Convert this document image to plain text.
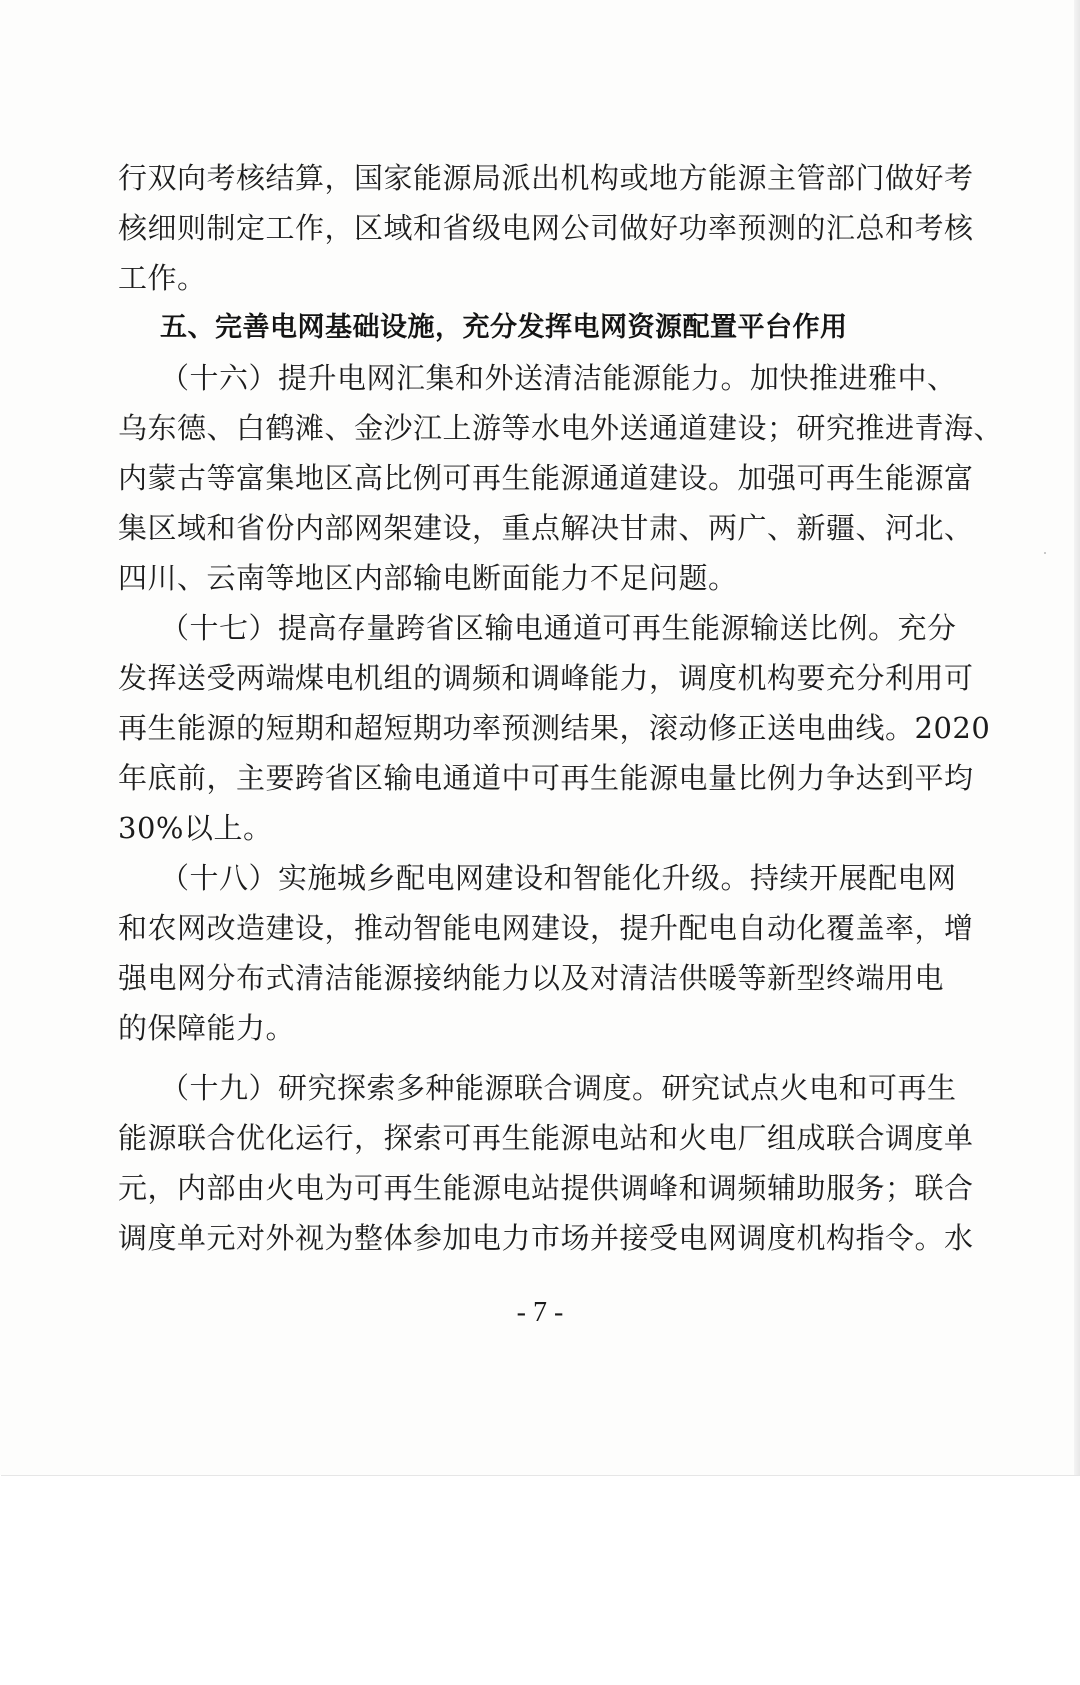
行双向考核结算，国家能源局派出机构或地方能源主管部门做好考
核细则制定工作，区域和省级电网公司做好功率预测的汇总和考核
工作。
五、完善电网基础设施，充分发挥电网资源配置平台作用
（十六）提升电网汇集和外送清洁能源能力。加快推进雅中、
乌东德、白鹤滩、金沙江上游等水电外送通道建设；研究推进青海、
内蒙古等富集地区高比例可再生能源通道建设。加强可再生能源富
集区域和省份内部网架建设，重点解决甘肃、两广、新疆、河北、
四川、云南等地区内部输电断面能力不足问题。
（十七）提高存量跨省区输电通道可再生能源输送比例。充分
发挥送受两端煤电机组的调频和调峰能力，调度机构要充分利用可
再生能源的短期和超短期功率预测结果，滚动修正送电曲线。2020
年底前，主要跨省区输电通道中可再生能源电量比例力争达到平均
30%以上。
（十八）实施城乡配电网建设和智能化升级。持续开展配电网
和农网改造建设，推动智能电网建设，提升配电自动化覆盖率，增
强电网分布式清洁能源接纳能力以及对清洁供暖等新型终端用电
的保障能力。
（十九）研究探索多种能源联合调度。研究试点火电和可再生
能源联合优化运行，探索可再生能源电站和火电厂组成联合调度单
元，内部由火电为可再生能源电站提供调峰和调频辅助服务；联合
调度单元对外视为整体参加电力市场并接受电网调度机构指令。水
- 7 -
